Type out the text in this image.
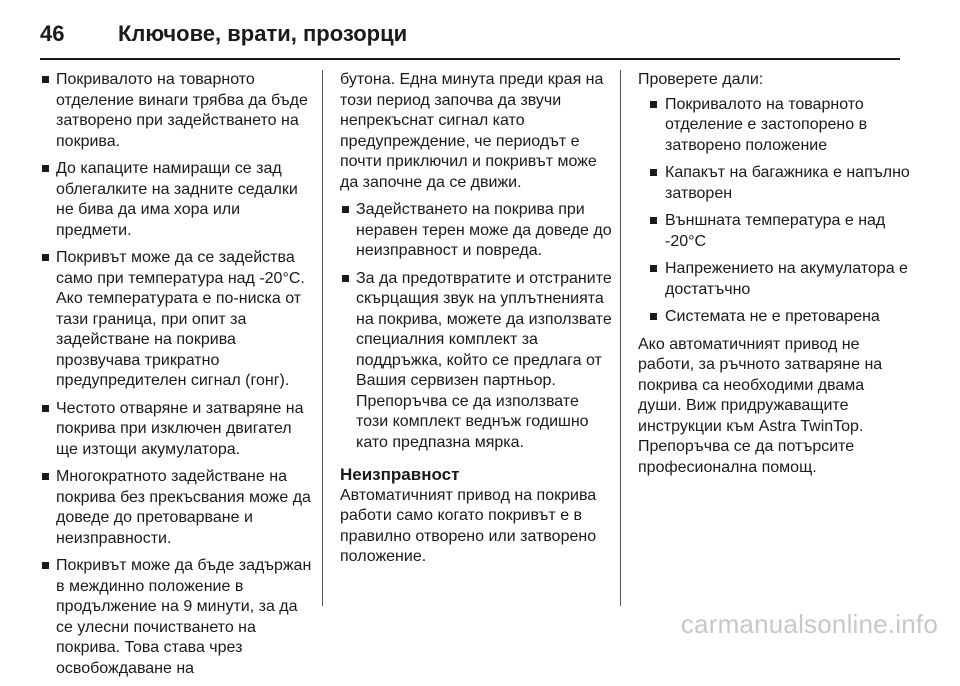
46	Ключове, врати, прозорци
Покривалото на товарното отделение винаги трябва да бъде затворено при задействането на покрива.
До капаците намиращи се зад облегалките на задните седалки не бива да има хора или предмети.
Покривът може да се задейства само при температура над -20°C. Ако температурата е по-ниска от тази граница, при опит за задействане на покрива прозвучава трикратно предупредителен сигнал (гонг).
Честото отваряне и затваряне на покрива при изключен двигател ще изтощи акумулатора.
Многократното задействане на покрива без прекъсвания може да доведе до претоварване и неизправности.
Покривът може да бъде задържан в междинно положение в продължение на 9 минути, за да се улесни почистването на покрива. Това става чрез освобождаване на

бутона. Една минута преди края на този период започва да звучи непрекъснат сигнал като предупреждение, че периодът е почти приключил и покривът може да започне да се движи.

Задействането на покрива при неравен терен може да доведе до неизправност и повреда.
За да предотвратите и отстраните скърцащия звук на уплътненията на покрива, можете да използвате специалния комплект за поддръжка, който се предлага от Вашия сервизен партньор. Препоръчва се да използвате този комплект веднъж годишно като предпазна мярка.

Неизправност

Автоматичният привод на покрива работи само когато покривът е в правилно отворено или затворено положение.

Проверете дали:

Покривалото на товарното отделение е застопорено в затворено положение
Капакът на багажника е напълно затворен
Външната температура е над -20°C
Напрежението на акумулатора е достатъчно
Системата не е претоварена

Ако автоматичният привод не работи, за ръчното затваряне на покрива са необходими двама души. Виж придружаващите инструкции към Astra TwinTop. Препоръчва се да потърсите професионална помощ.

carmanualsonline.info
